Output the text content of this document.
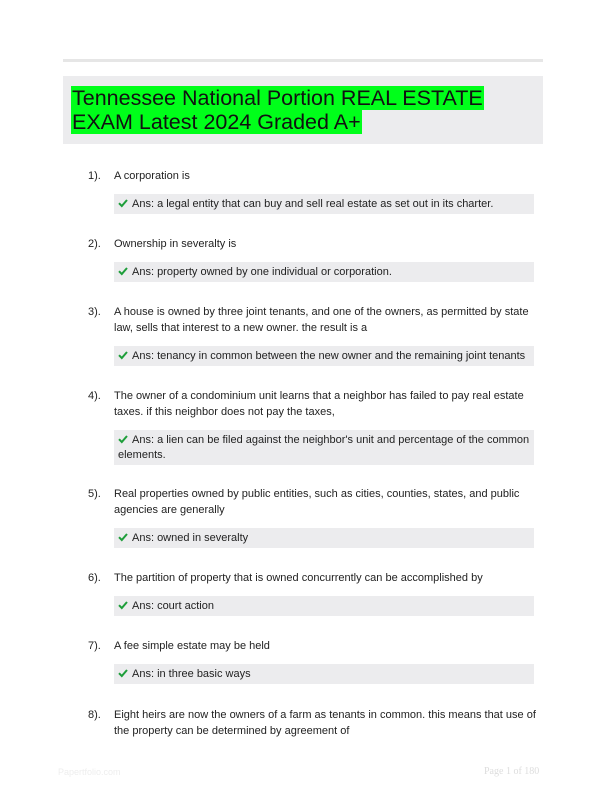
Tennessee National Portion REAL ESTATE EXAM Latest 2024 Graded A+
1). A corporation is
Ans: a legal entity that can buy and sell real estate as set out in its charter.
2). Ownership in severalty is
Ans: property owned by one individual or corporation.
3). A house is owned by three joint tenants, and one of the owners, as permitted by state law, sells that interest to a new owner. the result is a
Ans: tenancy in common between the new owner and the remaining joint tenants
4). The owner of a condominium unit learns that a neighbor has failed to pay real estate taxes. if this neighbor does not pay the taxes,
Ans: a lien can be filed against the neighbor's unit and percentage of the common elements.
5). Real properties owned by public entities, such as cities, counties, states, and public agencies are generally
Ans: owned in severalty
6). The partition of property that is owned concurrently can be accomplished by
Ans: court action
7). A fee simple estate may be held
Ans: in three basic ways
8). Eight heirs are now the owners of a farm as tenants in common. this means that use of the property can be determined by agreement of
Papertfolio.com	Page 1 of 180
